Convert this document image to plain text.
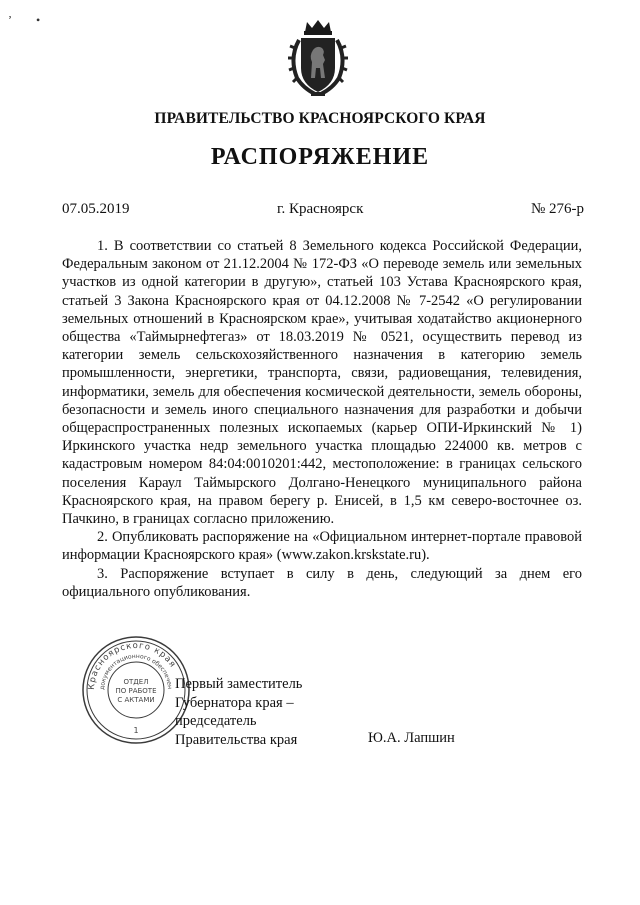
ʼ •
ПРАВИТЕЛЬСТВО КРАСНОЯРСКОГО КРАЯ
РАСПОРЯЖЕНИЕ
07.05.2019	г. Красноярск	№ 276-р

1. В соответствии со статьей 8 Земельного кодекса Российской Федерации, Федеральным законом от 21.12.2004 № 172-ФЗ «О переводе земель или земельных участков из одной категории в другую», статьей 103 Устава Красноярского края, статьей 3 Закона Красноярского края от 04.12.2008 № 7-2542 «О регулировании земельных отношений в Красноярском крае», учитывая ходатайство акционерного общества «Таймырнефтегаз» от 18.03.2019 № 0521, осуществить перевод из категории земель сельскохозяйственного назначения в категорию земель промышленности, энергетики, транспорта, связи, радиовещания, телевидения, информатики, земель для обеспечения космической деятельности, земель обороны, безопасности и земель иного специального назначения для разработки и добычи общераспространенных полезных ископаемых (карьер ОПИ-Иркинский № 1) Иркинского участка недр земельного участка площадью 224000 кв. метров с кадастровым номером 84:04:0010201:442, местоположение: в границах сельского поселения Караул Таймырского Долгано-Ненецкого муниципального района Красноярского края, на правом берегу р. Енисей, в 1,5 км северо-восточнее оз. Пачкино, в границах согласно приложению.

2. Опубликовать распоряжение на «Официальном интернет-портале правовой информации Красноярского края» (www.zakon.krskstate.ru).

3. Распоряжение вступает в силу в день, следующий за днем его официального опубликования.

Красноярского края
документационного обеспечен
ОТДЕЛ
ПО РАБОТЕ
С АКТАМИ
1
Первый заместитель
Губернатора края –
председатель
Правительства края	Ю.А. Лапшин
